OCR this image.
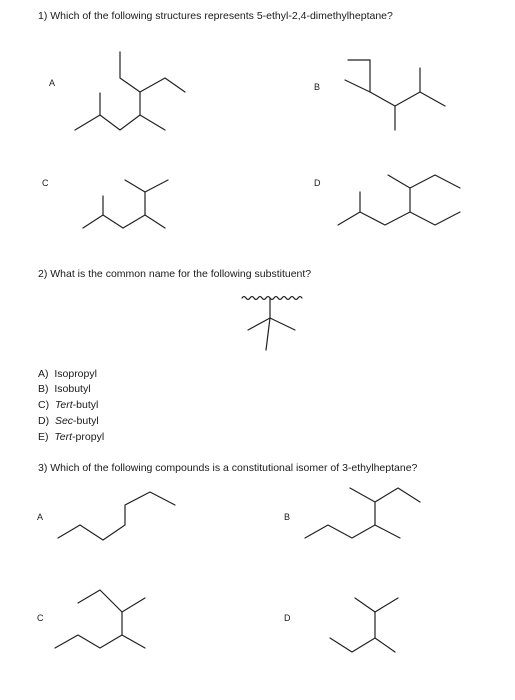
1) Which of the following structures represents 5-ethyl-2,4-dimethylheptane?
A	B
C	D
2) What is the common name for the following substituent?
A) Isopropyl
B) Isobutyl
C) Tert-butyl
D) Sec-butyl
E) Tert-propyl
3) Which of the following compounds is a constitutional isomer of 3-ethylheptane?
A	B
C	D
